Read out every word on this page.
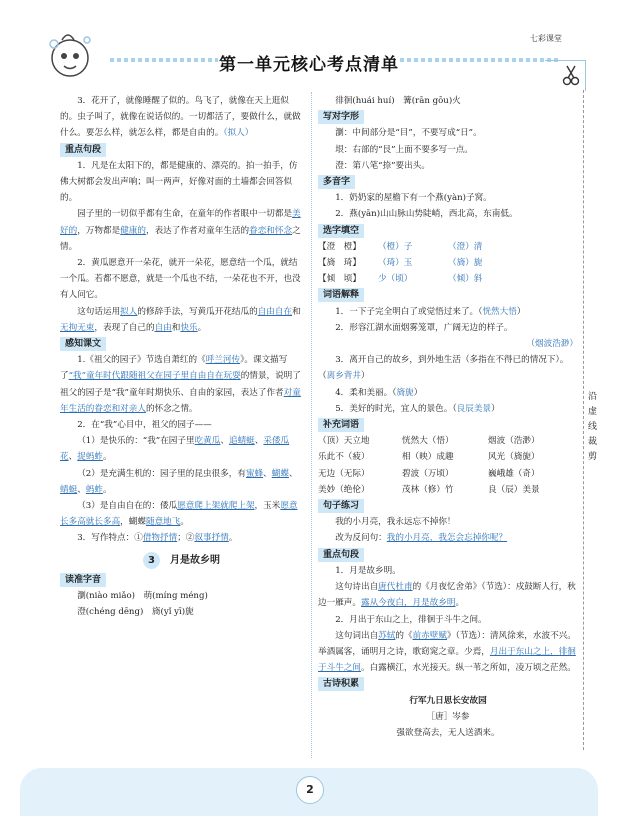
第一单元核心考点清单
七彩课堂
沿虚线裁剪

3．花开了，就像睡醒了似的。鸟飞了，就像在天上逛似的。虫子叫了，就像在说话似的。一切都活了，要做什么，就做什么。要怎么样，就怎么样，都是自由的。（拟人）

重点句段

1．凡是在太阳下的，都是健康的、漂亮的。拍一拍手，仿佛大树都会发出声响；叫一两声，好像对面的土墙都会回答似的。

园子里的一切似乎都有生命，在童年的作者眼中一切都是美好的，万物都是健康的，表达了作者对童年生活的眷恋和怀念之情。

2．黄瓜愿意开一朵花，就开一朵花，愿意结一个瓜，就结一个瓜。若都不愿意，就是一个瓜也不结，一朵花也不开，也没有人问它。

这句话运用拟人的修辞手法，写黄瓜开花结瓜的自由自在和无拘无束，表现了自己的自由和快乐。

感知课文

1.《祖父的园子》节选自萧红的《呼兰河传》。课文描写了“我”童年时代跟随祖父在园子里自由自在玩耍的情景，说明了祖父的园子是“我”童年时期快乐、自由的家园，表达了作者对童年生活的眷恋和对亲人的怀念之情。

2．在“我”心目中，祖父的园子——

（1）是快乐的：“我”在园子里吃黄瓜、追蜻蜓、采倭瓜花、捉蚂蚱。

（2）是充满生机的：园子里的昆虫很多，有蜜蜂、蝴蝶、蜻蜓、蚂蚱。

（3）是自由自在的：倭瓜愿意爬上架就爬上架，玉米愿意长多高就长多高，蝴蝶随意地飞。

3．写作特点：①借物抒情；②叙事抒情。

3 月是故乡明
读准字音

瀏(niào miǎo)　萌(míng méng)

澄(chéng dēng)　旖(yǐ yī)旎

徘徊(huái huí)　篝(rān gōu)火

写对字形

瀏：中间部分是“目”，不要写成“日”。

垠：右部的“艮”上面不要多写一点。

澄：第八笔“捺”要出头。

多音字

1．奶奶家的屋檐下有一个燕(yàn)子窝。

2．燕(yān)山山脉山势陡峭，西北高，东南低。

选字填空

【澄　橙】 （橙）子	（澄）清

【旖　琦】 （琦）玉	（旖）旎

【倾　顷】 少（顷）	（倾）斜

词语解释

1．一下子完全明白了或觉悟过来了。（恍然大悟）

2．形容江湖水面烟雾笼罩，广阔无边的样子。

（烟波浩渺）

3．离开自己的故乡，到外地生活（多指在不得已的情况下）。（离乡背井）

4．柔和美丽。（旖旎）

5．美好的时光，宜人的景色。（良辰美景）

补充词语

（顶）天立地	恍然大（悟）	烟波（浩渺）

乐此不（疲）	相（映）成趣	风光（旖旎）

无边（无际）	碧波（万顷）	巍峨雄（奇）

美妙（绝伦）	茂林（修）竹	良（辰）美景

句子练习

我的小月亮，我永远忘不掉你！

改为反问句：我的小月亮，我怎会忘掉你呢？

重点句段

1．月是故乡明。

这句诗出自唐代杜甫的《月夜忆舍弟》（节选）：戍鼓断人行，秋边一雁声。露从今夜白，月是故乡明。

2．月出于东山之上，徘徊于斗牛之间。

这句词出自苏轼的《前赤壁赋》（节选）：清风徐来，水波不兴。举酒属客，诵明月之诗，歌窈窕之章。少焉，月出于东山之上，徘徊于斗牛之间。白露横江，水光接天。纵一苇之所如，凌万顷之茫然。

古诗积累

行军九日思长安故园

［唐］岑参

强欲登高去，无人送酒来。

2
